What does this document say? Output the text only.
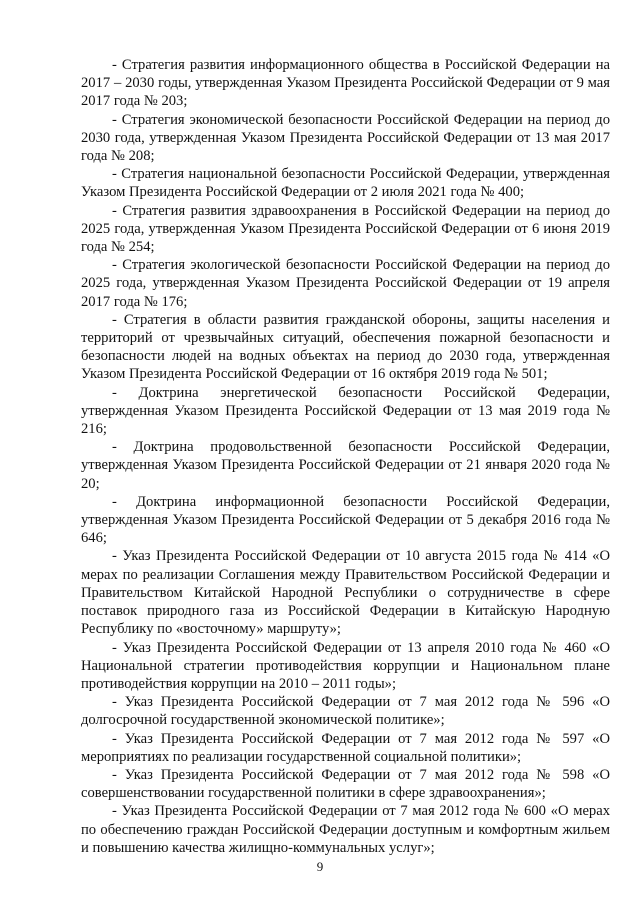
- Стратегия развития информационного общества в Российской Федерации на 2017 – 2030 годы, утвержденная Указом Президента Российской Федерации от 9 мая 2017 года № 203;

- Стратегия экономической безопасности Российской Федерации на период до 2030 года, утвержденная Указом Президента Российской Федерации от 13 мая 2017 года № 208;

- Стратегия национальной безопасности Российской Федерации, утвержденная Указом Президента Российской Федерации от 2 июля 2021 года № 400;

- Стратегия развития здравоохранения в Российской Федерации на период до 2025 года, утвержденная Указом Президента Российской Федерации от 6 июня 2019 года № 254;

- Стратегия экологической безопасности Российской Федерации на период до 2025 года, утвержденная Указом Президента Российской Федерации от 19 апреля 2017 года № 176;

- Стратегия в области развития гражданской обороны, защиты населения и территорий от чрезвычайных ситуаций, обеспечения пожарной безопасности и безопасности людей на водных объектах на период до 2030 года, утвержденная Указом Президента Российской Федерации от 16 октября 2019 года № 501;

- Доктрина энергетической безопасности Российской Федерации, утвержденная Указом Президента Российской Федерации от 13 мая 2019 года № 216;

- Доктрина продовольственной безопасности Российской Федерации, утвержденная Указом Президента Российской Федерации от 21 января 2020 года № 20;

- Доктрина информационной безопасности Российской Федерации, утвержденная Указом Президента Российской Федерации от 5 декабря 2016 года № 646;

- Указ Президента Российской Федерации от 10 августа 2015 года № 414 «О мерах по реализации Соглашения между Правительством Российской Федерации и Правительством Китайской Народной Республики о сотрудничестве в сфере поставок природного газа из Российской Федерации в Китайскую Народную Республику по «восточному» маршруту»;

- Указ Президента Российской Федерации от 13 апреля 2010 года № 460 «О Национальной стратегии противодействия коррупции и Национальном плане противодействия коррупции на 2010 – 2011 годы»;

- Указ Президента Российской Федерации от 7 мая 2012 года № 596 «О долгосрочной государственной экономической политике»;

- Указ Президента Российской Федерации от 7 мая 2012 года № 597 «О мероприятиях по реализации государственной социальной политики»;

- Указ Президента Российской Федерации от 7 мая 2012 года № 598 «О совершенствовании государственной политики в сфере здравоохранения»;

- Указ Президента Российской Федерации от 7 мая 2012 года № 600 «О мерах по обеспечению граждан Российской Федерации доступным и комфортным жильем и повышению качества жилищно-коммунальных услуг»;

9
